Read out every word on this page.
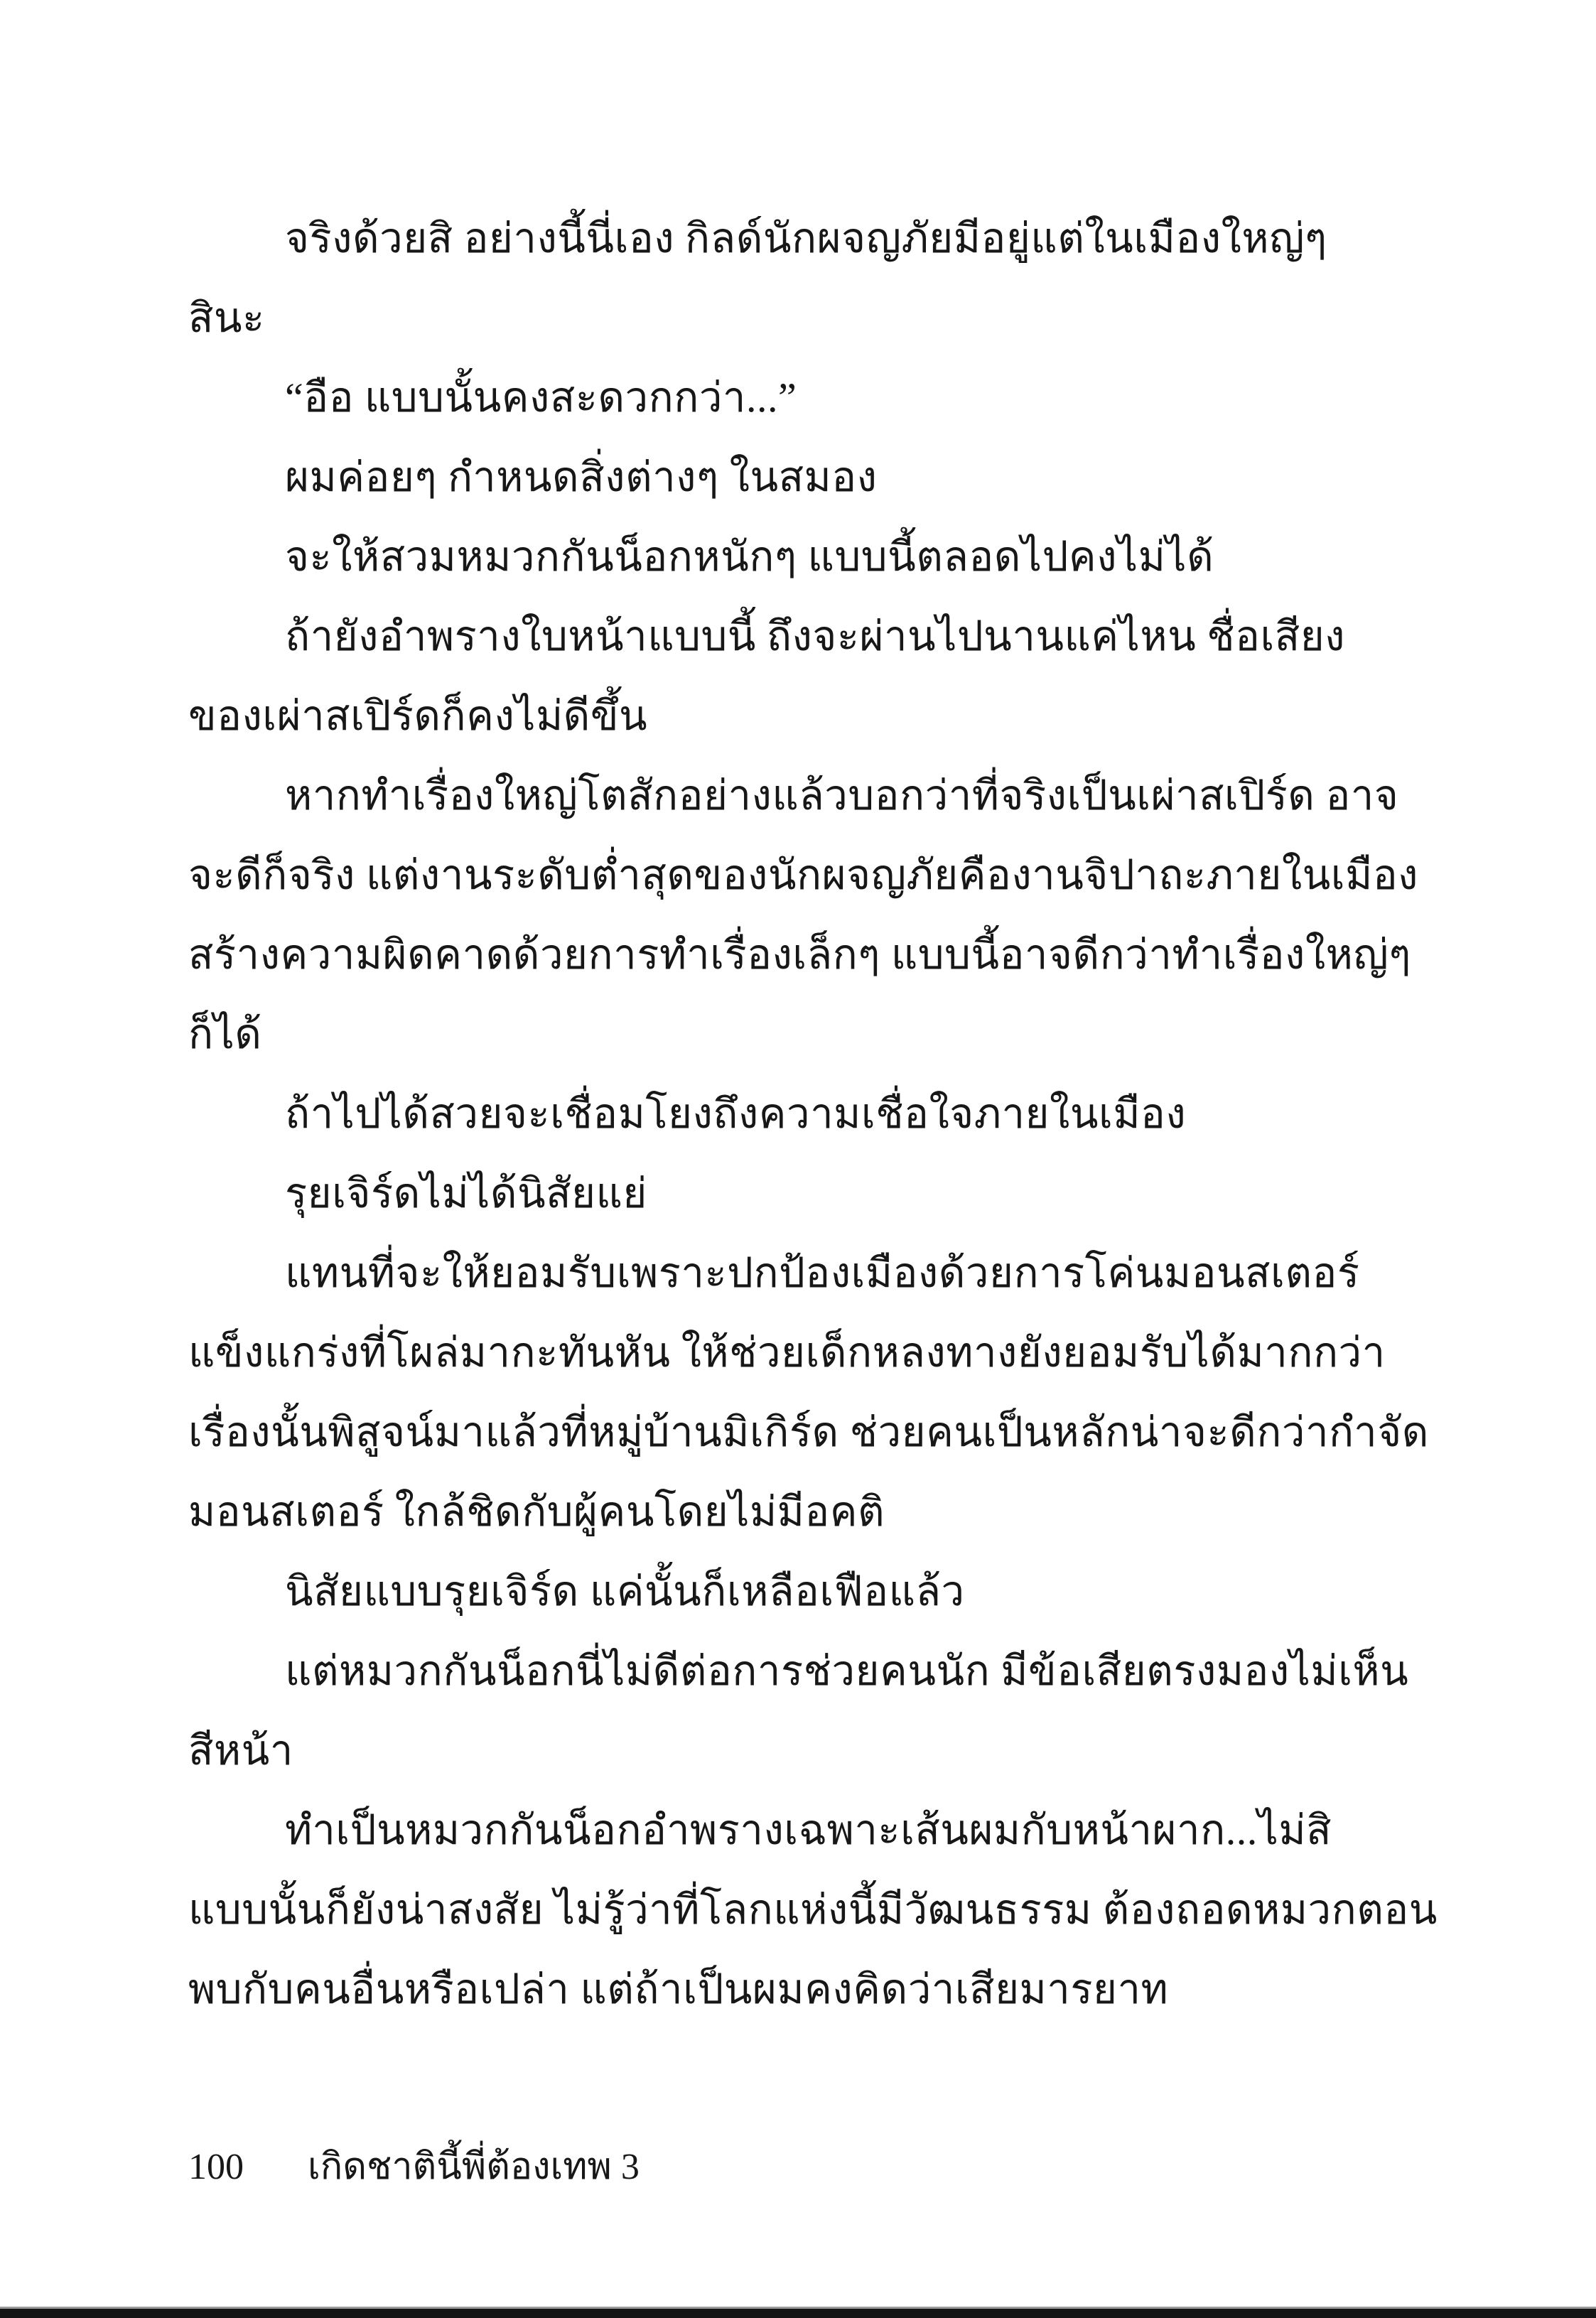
จริงด้วยสิ อย่างนี้นี่เอง กิลด์นักผจญภัยมีอยู่แต่ในเมืองใหญ่ๆ
สินะ
“อือ แบบนั้นคงสะดวกกว่า...”
ผมค่อยๆ กำหนดสิ่งต่างๆ ในสมอง
จะให้สวมหมวกกันน็อกหนักๆ แบบนี้ตลอดไปคงไม่ได้
ถ้ายังอำพรางใบหน้าแบบนี้ ถึงจะผ่านไปนานแค่ไหน ชื่อเสียง
ของเผ่าสเปิร์ดก็คงไม่ดีขึ้น
หากทำเรื่องใหญ่โตสักอย่างแล้วบอกว่าที่จริงเป็นเผ่าสเปิร์ด อาจ
จะดีก็จริง แต่งานระดับต่ำสุดของนักผจญภัยคืองานจิปาถะภายในเมือง
สร้างความผิดคาดด้วยการทำเรื่องเล็กๆ แบบนี้อาจดีกว่าทำเรื่องใหญ่ๆ
ก็ได้
ถ้าไปได้สวยจะเชื่อมโยงถึงความเชื่อใจภายในเมือง
รุยเจิร์ดไม่ได้นิสัยแย่
แทนที่จะให้ยอมรับเพราะปกป้องเมืองด้วยการโค่นมอนสเตอร์
แข็งแกร่งที่โผล่มากะทันหัน ให้ช่วยเด็กหลงทางยังยอมรับได้มากกว่า
เรื่องนั้นพิสูจน์มาแล้วที่หมู่บ้านมิเกิร์ด ช่วยคนเป็นหลักน่าจะดีกว่ากำจัด
มอนสเตอร์ ใกล้ชิดกับผู้คนโดยไม่มีอคติ
นิสัยแบบรุยเจิร์ด แค่นั้นก็เหลือเฟือแล้ว
แต่หมวกกันน็อกนี่ไม่ดีต่อการช่วยคนนัก มีข้อเสียตรงมองไม่เห็น
สีหน้า
ทำเป็นหมวกกันน็อกอำพรางเฉพาะเส้นผมกับหน้าผาก...ไม่สิ
แบบนั้นก็ยังน่าสงสัย ไม่รู้ว่าที่โลกแห่งนี้มีวัฒนธรรม ต้องถอดหมวกตอน
พบกับคนอื่นหรือเปล่า แต่ถ้าเป็นผมคงคิดว่าเสียมารยาท
100	เกิดชาตินี้พี่ต้องเทพ 3
